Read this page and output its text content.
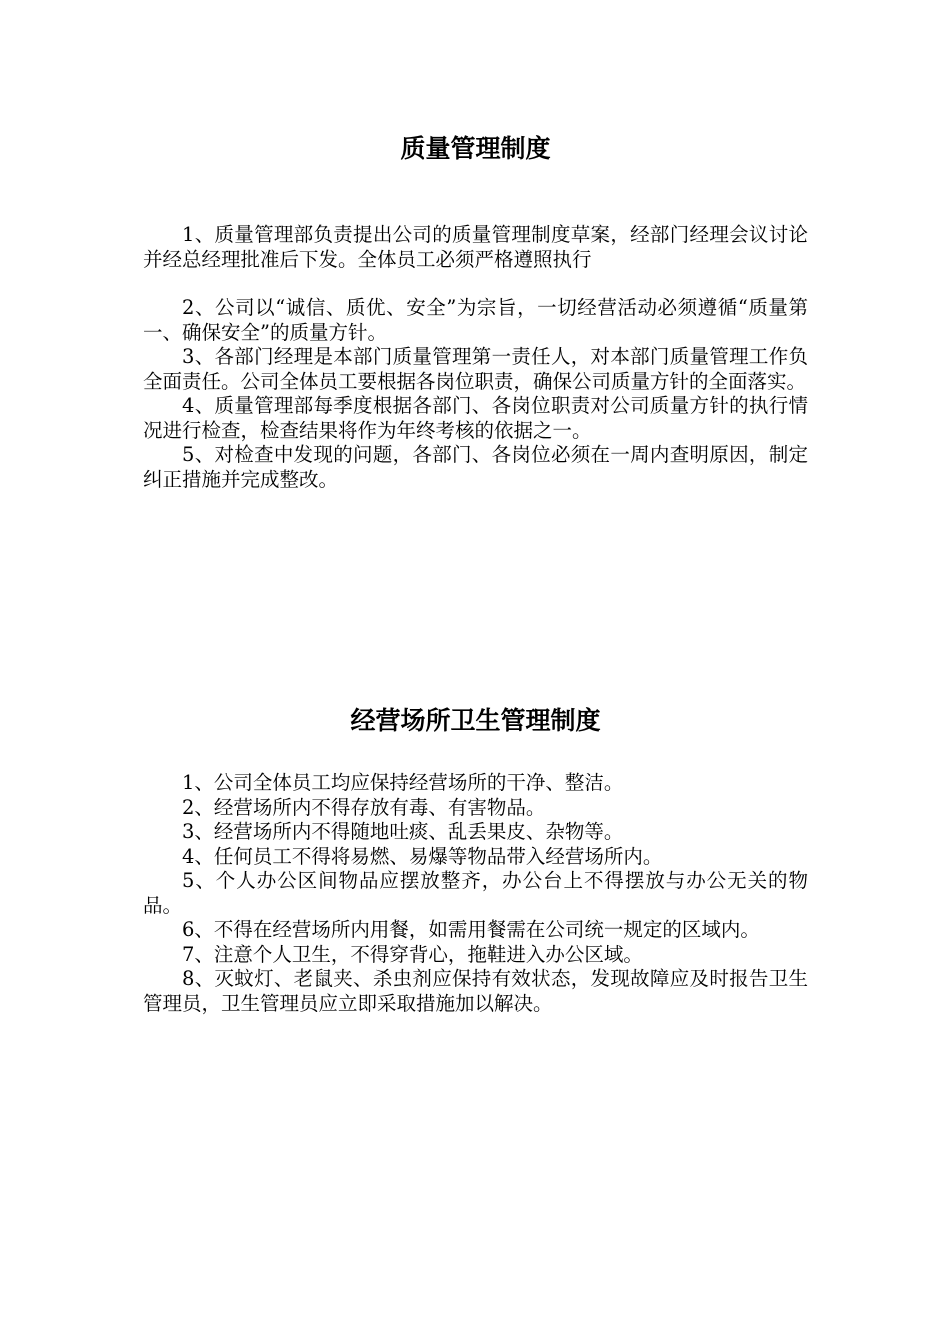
质量管理制度

1、质量管理部负责提出公司的质量管理制度草案，经部门经理会议讨论并经总经理批准后下发。全体员工必须严格遵照执行

2、公司以“诚信、质优、安全”为宗旨，一切经营活动必须遵循“质量第一、确保安全”的质量方针。

3、各部门经理是本部门质量管理第一责任人，对本部门质量管理工作负全面责任。公司全体员工要根据各岗位职责，确保公司质量方针的全面落实。

4、质量管理部每季度根据各部门、各岗位职责对公司质量方针的执行情况进行检查，检查结果将作为年终考核的依据之一。

5、对检查中发现的问题，各部门、各岗位必须在一周内查明原因，制定纠正措施并完成整改。

经营场所卫生管理制度

1、公司全体员工均应保持经营场所的干净、整洁。

2、经营场所内不得存放有毒、有害物品。

3、经营场所内不得随地吐痰、乱丢果皮、杂物等。

4、任何员工不得将易燃、易爆等物品带入经营场所内。

5、个人办公区间物品应摆放整齐，办公台上不得摆放与办公无关的物品。

6、不得在经营场所内用餐，如需用餐需在公司统一规定的区域内。

7、注意个人卫生，不得穿背心，拖鞋进入办公区域。

8、灭蚊灯、老鼠夹、杀虫剂应保持有效状态，发现故障应及时报告卫生管理员，卫生管理员应立即采取措施加以解决。
